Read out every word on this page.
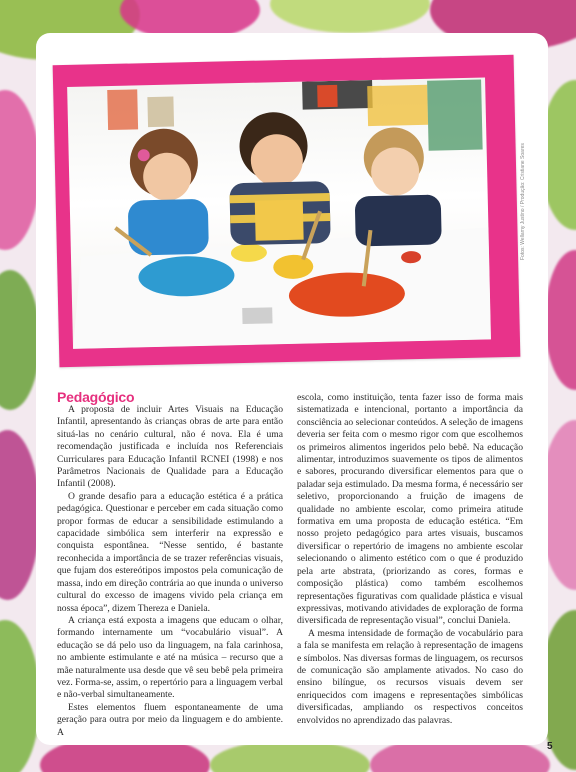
Fotos: Wellamy Justino / Produção: Cristiane Soares
Pedagógico

A proposta de incluir Artes Visuais na Educação Infantil, apresentando às crianças obras de arte para então situá-las no cenário cultural, não é nova. Ela é uma recomendação justificada e incluída nos Referenciais Curriculares para Educação Infantil RCNEI (1998) e nos Parâmetros Nacionais de Qualidade para a Educação Infantil (2008).

O grande desafio para a educação estética é a prática pedagógica. Questionar e perceber em cada situação como propor formas de educar a sensibilidade estimulando a capacidade simbólica sem interferir na expressão e conquista espontânea. “Nesse sentido, é bastante reconhecida a importância de se trazer referências visuais, que fujam dos estereótipos impostos pela comunicação de massa, indo em direção contrária ao que inunda o universo cultural do excesso de imagens vivido pela criança em nossa época”, dizem Thereza e Daniela.

A criança está exposta a imagens que educam o olhar, formando internamente um “vocabulário visual”. A educação se dá pelo uso da linguagem, na fala carinhosa, no ambiente estimulante e até na música – recurso que a mãe naturalmente usa desde que vê seu bebê pela primeira vez. Forma-se, assim, o repertório para a linguagem verbal e não-verbal simultaneamente.

Estes elementos fluem espontaneamente de uma geração para outra por meio da linguagem e do ambiente. A

escola, como instituição, tenta fazer isso de forma mais sistematizada e intencional, portanto a importância da consciência ao selecionar conteúdos. A seleção de imagens deveria ser feita com o mesmo rigor com que escolhemos os primeiros alimentos ingeridos pelo bebê. Na educação alimentar, introduzimos suavemente os tipos de alimentos e sabores, procurando diversificar elementos para que o paladar seja estimulado. Da mesma forma, é necessário ser seletivo, proporcionando a fruição de imagens de qualidade no ambiente escolar, como primeira atitude formativa em uma proposta de educação estética. “Em nosso projeto pedagógico para artes visuais, buscamos diversificar o repertório de imagens no ambiente escolar selecionando o alimento estético com o que é produzido pela arte abstrata, (priorizando as cores, formas e composição plástica) como também escolhemos representações figurativas com qualidade plástica e visual expressivas, motivando atividades de exploração de forma diversificada de representação visual”, conclui Daniela.

A mesma intensidade de formação de vocabulário para a fala se manifesta em relação à representação de imagens e símbolos. Nas diversas formas de linguagem, os recursos de comunicação são amplamente ativados. No caso do ensino bilíngue, os recursos visuais devem ser enriquecidos com imagens e representações simbólicas diversificadas, ampliando os respectivos conceitos envolvidos no aprendizado das palavras.

5
